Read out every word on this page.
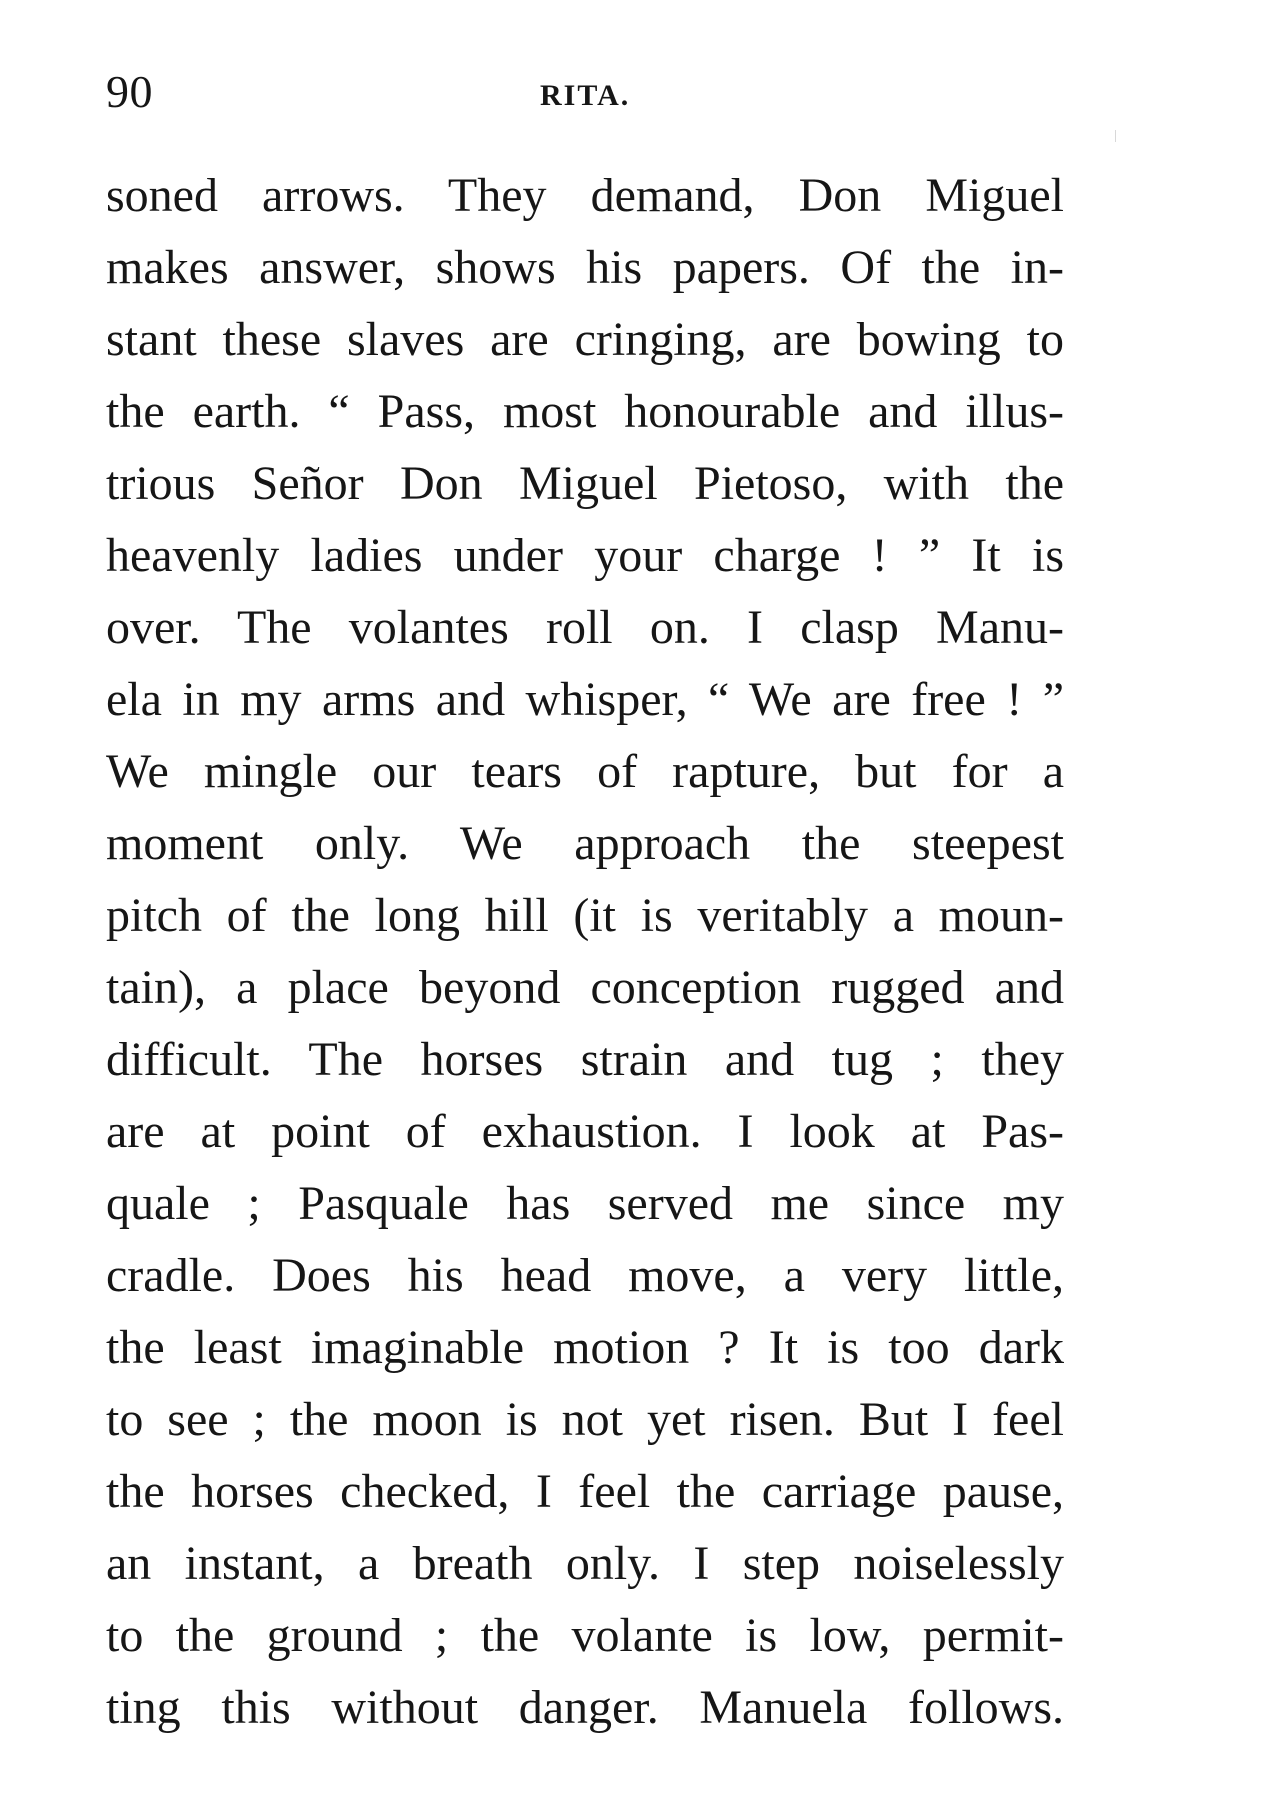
90	RITA.
soned arrows. They demand, Don Miguel
makes answer, shows his papers. Of the in-
stant these slaves are cringing, are bowing to
the earth. “ Pass, most honourable and illus-
trious Señor Don Miguel Pietoso, with the
heavenly ladies under your charge ! ” It is
over. The volantes roll on. I clasp Manu-
ela in my arms and whisper, “ We are free ! ”
We mingle our tears of rapture, but for a
moment only. We approach the steepest
pitch of the long hill (it is veritably a moun-
tain), a place beyond conception rugged and
difficult. The horses strain and tug ; they
are at point of exhaustion. I look at Pas-
quale ; Pasquale has served me since my
cradle. Does his head move, a very little,
the least imaginable motion ? It is too dark
to see ; the moon is not yet risen. But I feel
the horses checked, I feel the carriage pause,
an instant, a breath only. I step noiselessly
to the ground ; the volante is low, permit-
ting this without danger. Manuela follows.
